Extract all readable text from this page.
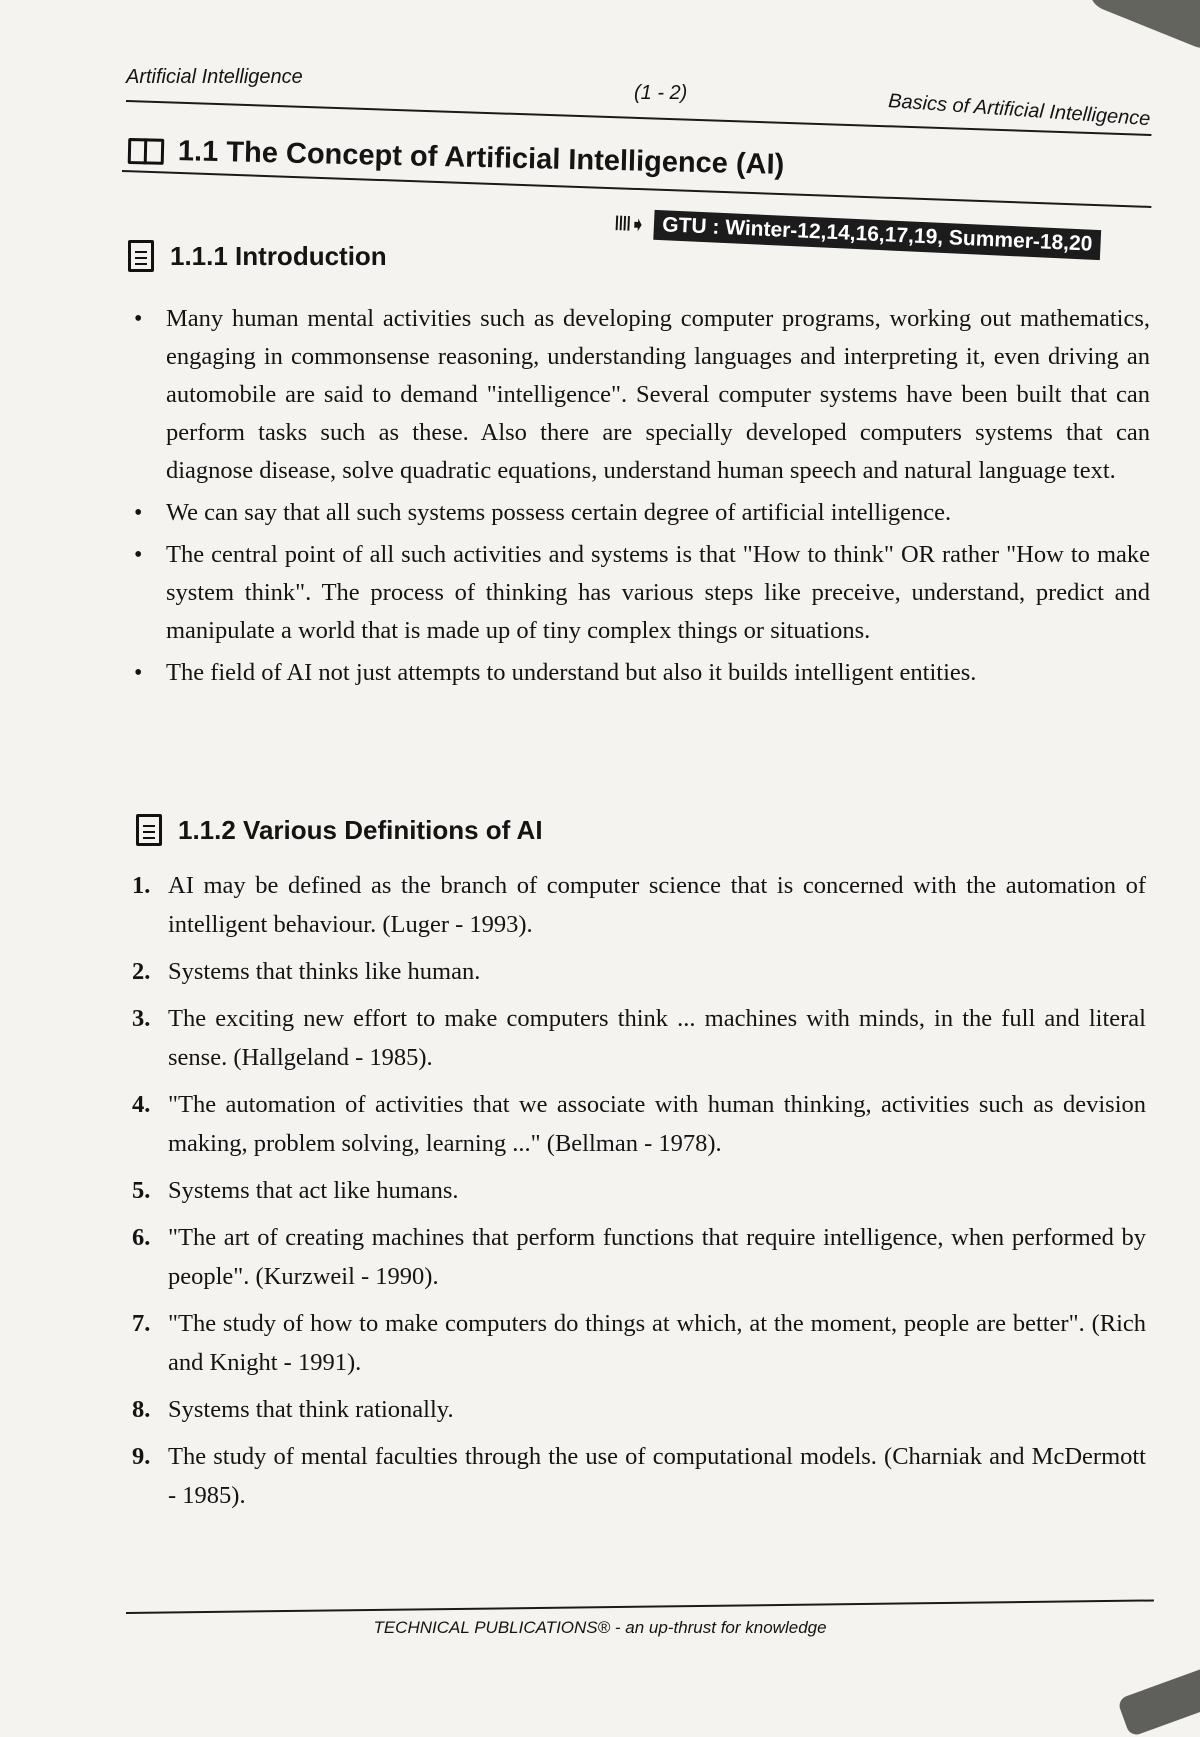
Artificial Intelligence
(1 - 2)	Basics of Artificial Intelligence
1.1 The Concept of Artificial Intelligence (AI)
IIII➧ GTU : Winter-12,14,16,17,19, Summer-18,20
1.1.1 Introduction
• Many human mental activities such as developing computer programs, working out mathematics, engaging in commonsense reasoning, understanding languages and interpreting it, even driving an automobile are said to demand "intelligence". Several computer systems have been built that can perform tasks such as these. Also there are specially developed computers systems that can diagnose disease, solve quadratic equations, understand human speech and natural language text.
• We can say that all such systems possess certain degree of artificial intelligence.
• The central point of all such activities and systems is that "How to think" OR rather "How to make system think". The process of thinking has various steps like preceive, understand, predict and manipulate a world that is made up of tiny complex things or situations.
• The field of AI not just attempts to understand but also it builds intelligent entities.
1.1.2 Various Definitions of AI
1. AI may be defined as the branch of computer science that is concerned with the automation of intelligent behaviour. (Luger - 1993).
2. Systems that thinks like human.
3. The exciting new effort to make computers think ... machines with minds, in the full and literal sense. (Hallgeland - 1985).
4. "The automation of activities that we associate with human thinking, activities such as devision making, problem solving, learning ..." (Bellman - 1978).
5. Systems that act like humans.
6. "The art of creating machines that perform functions that require intelligence, when performed by people". (Kurzweil - 1990).
7. "The study of how to make computers do things at which, at the moment, people are better". (Rich and Knight - 1991).
8. Systems that think rationally.
9. The study of mental faculties through the use of computational models. (Charniak and McDermott - 1985).
TECHNICAL PUBLICATIONS® - an up-thrust for knowledge
